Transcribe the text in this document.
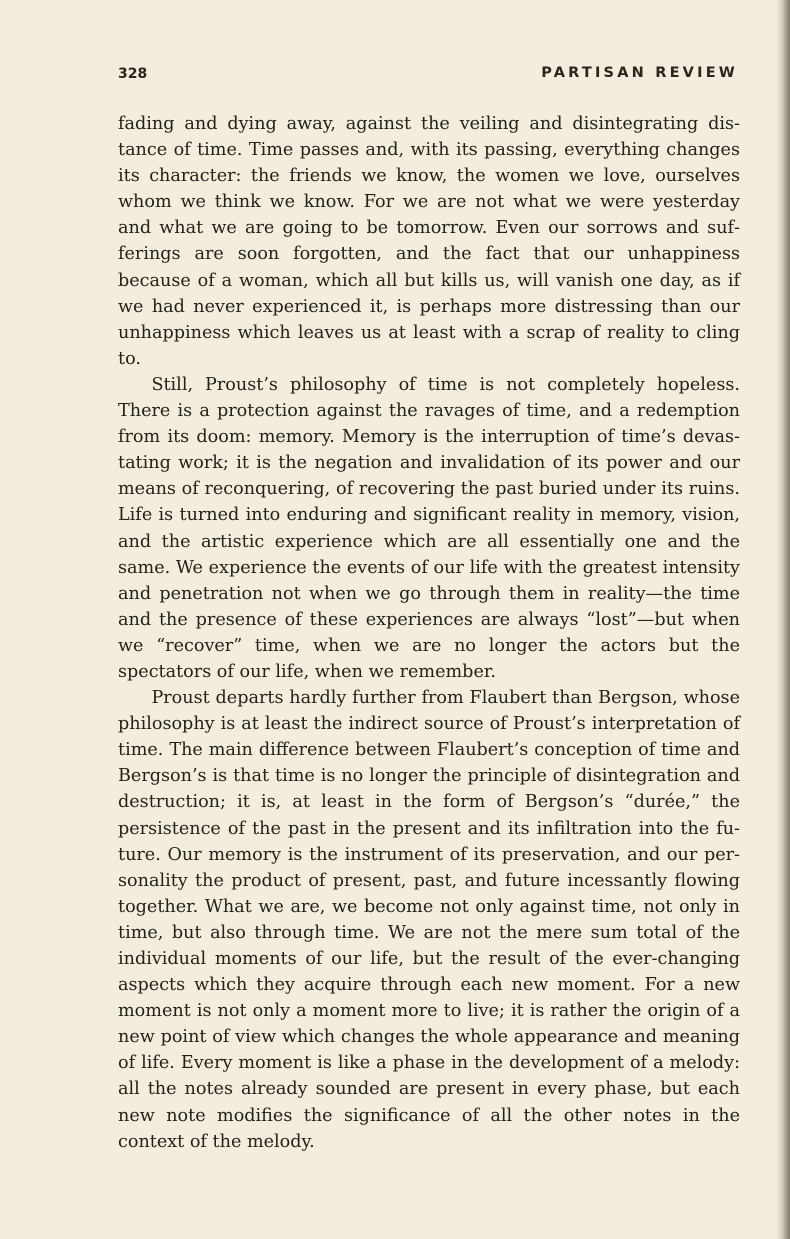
328	PARTISAN REVIEW

fading and dying away, against the veiling and disintegrating distance of time. Time passes and, with its passing, everything changes its character: the friends we know, the women we love, ourselves whom we think we know. For we are not what we were yesterday and what we are going to be tomorrow. Even our sorrows and sufferings are soon forgotten, and the fact that our unhappiness because of a woman, which all but kills us, will vanish one day, as if we had never experienced it, is perhaps more distressing than our unhappiness which leaves us at least with a scrap of reality to cling to.

Still, Proust’s philosophy of time is not completely hopeless. There is a protection against the ravages of time, and a redemption from its doom: memory. Memory is the interruption of time’s devastating work; it is the negation and invalidation of its power and our means of reconquering, of recovering the past buried under its ruins. Life is turned into enduring and significant reality in memory, vision, and the artistic experience which are all essentially one and the same. We experience the events of our life with the greatest intensity and penetration not when we go through them in reality—the time and the presence of these experiences are always “lost”—but when we “recover” time, when we are no longer the actors but the spectators of our life, when we remember.

Proust departs hardly further from Flaubert than Bergson, whose philosophy is at least the indirect source of Proust’s interpretation of time. The main difference between Flaubert’s conception of time and Bergson’s is that time is no longer the principle of disintegration and destruction; it is, at least in the form of Bergson’s “durée,” the persistence of the past in the present and its infiltration into the future. Our memory is the instrument of its preservation, and our personality the product of present, past, and future incessantly flowing together. What we are, we become not only against time, not only in time, but also through time. We are not the mere sum total of the individual moments of our life, but the result of the ever-changing aspects which they acquire through each new moment. For a new moment is not only a moment more to live; it is rather the origin of a new point of view which changes the whole appearance and meaning of life. Every moment is like a phase in the development of a melody: all the notes already sounded are present in every phase, but each new note modifies the significance of all the other notes in the context of the melody.
